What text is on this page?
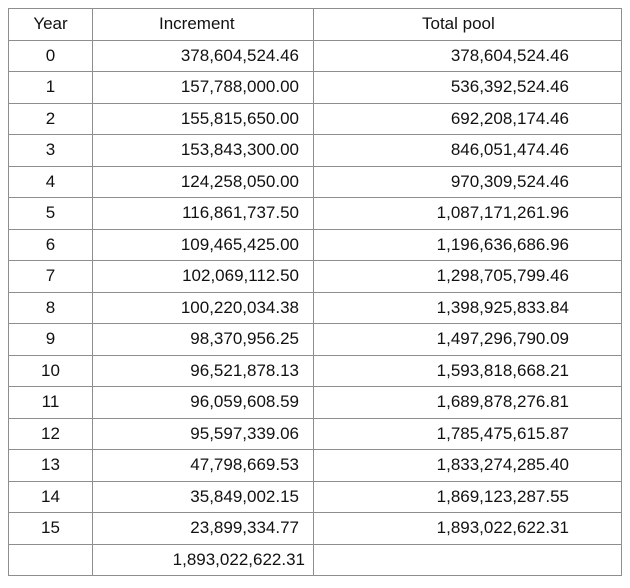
Year	Increment	Total pool
0	378,604,524.46	378,604,524.46
1	157,788,000.00	536,392,524.46
2	155,815,650.00	692,208,174.46
3	153,843,300.00	846,051,474.46
4	124,258,050.00	970,309,524.46
5	116,861,737.50	1,087,171,261.96
6	109,465,425.00	1,196,636,686.96
7	102,069,112.50	1,298,705,799.46
8	100,220,034.38	1,398,925,833.84
9	98,370,956.25	1,497,296,790.09
10	96,521,878.13	1,593,818,668.21
11	96,059,608.59	1,689,878,276.81
12	95,597,339.06	1,785,475,615.87
13	47,798,669.53	1,833,274,285.40
14	35,849,002.15	1,869,123,287.55
15	23,899,334.77	1,893,022,622.31
	1,893,022,622.31	
